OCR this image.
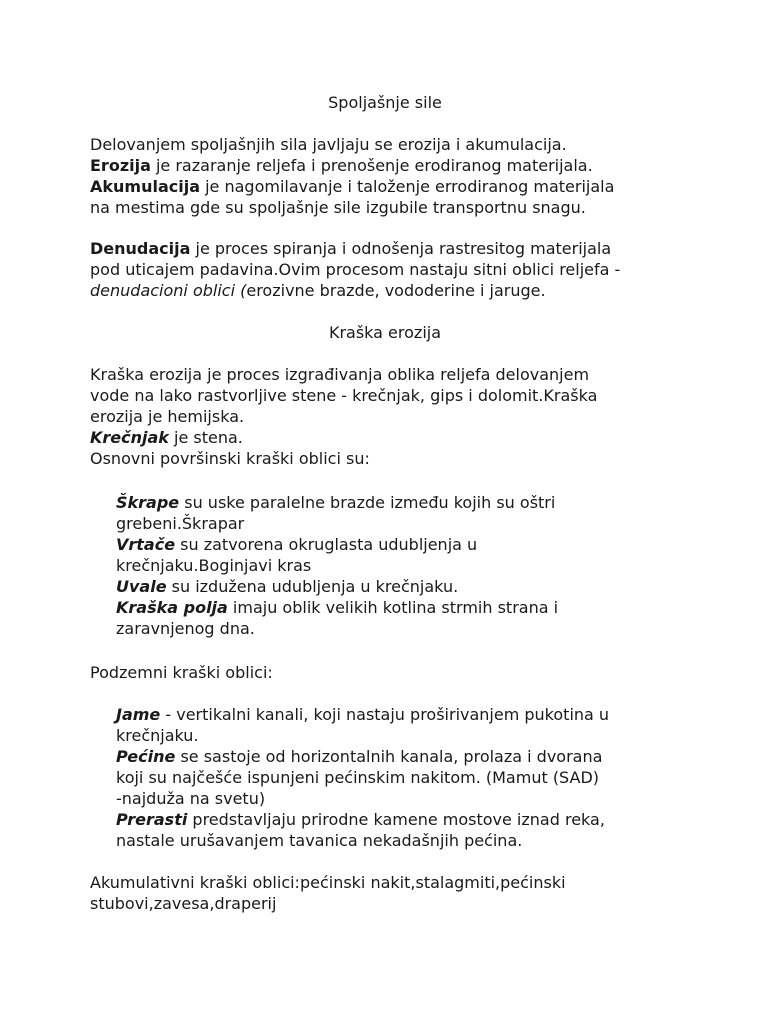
Spoljašnje sile
Delovanjem spoljašnjih sila javljaju se erozija i akumulacija.
Erozija je razaranje reljefa i prenošenje erodiranog materijala.
Akumulacija je nagomilavanje i taloženje errodiranog materijala
na mestima gde su spoljašnje sile izgubile transportnu snagu.
Denudacija je proces spiranja i odnošenja rastresitog materijala
pod uticajem padavina.Ovim procesom nastaju sitni oblici reljefa -
denudacioni oblici (erozivne brazde, vododerine i jaruge.
Kraška erozija
Kraška erozija je proces izgrađivanja oblika reljefa delovanjem
vode na lako rastvorljive stene - krečnjak, gips i dolomit.Kraška
erozija je hemijska.
Krečnjak je stena.
Osnovni površinski kraški oblici su:
Škrape su uske paralelne brazde između kojih su oštri
grebeni.Škrapar
Vrtače su zatvorena okruglasta udubljenja u
krečnjaku.Boginjavi kras
Uvale su izdužena udubljenja u krečnjaku.
Kraška polja imaju oblik velikih kotlina strmih strana i
zaravnjenog dna.
Podzemni kraški oblici:
Jame - vertikalni kanali, koji nastaju proširivanjem pukotina u
krečnjaku.
Pećine se sastoje od horizontalnih kanala, prolaza i dvorana
koji su najčešće ispunjeni pećinskim nakitom. (Mamut (SAD)
-najduža na svetu)
Prerasti predstavljaju prirodne kamene mostove iznad reka,
nastale urušavanjem tavanica nekadašnjih pećina.
Akumulativni kraški oblici:pećinski nakit,stalagmiti,pećinski
stubovi,zavesa,draperij
